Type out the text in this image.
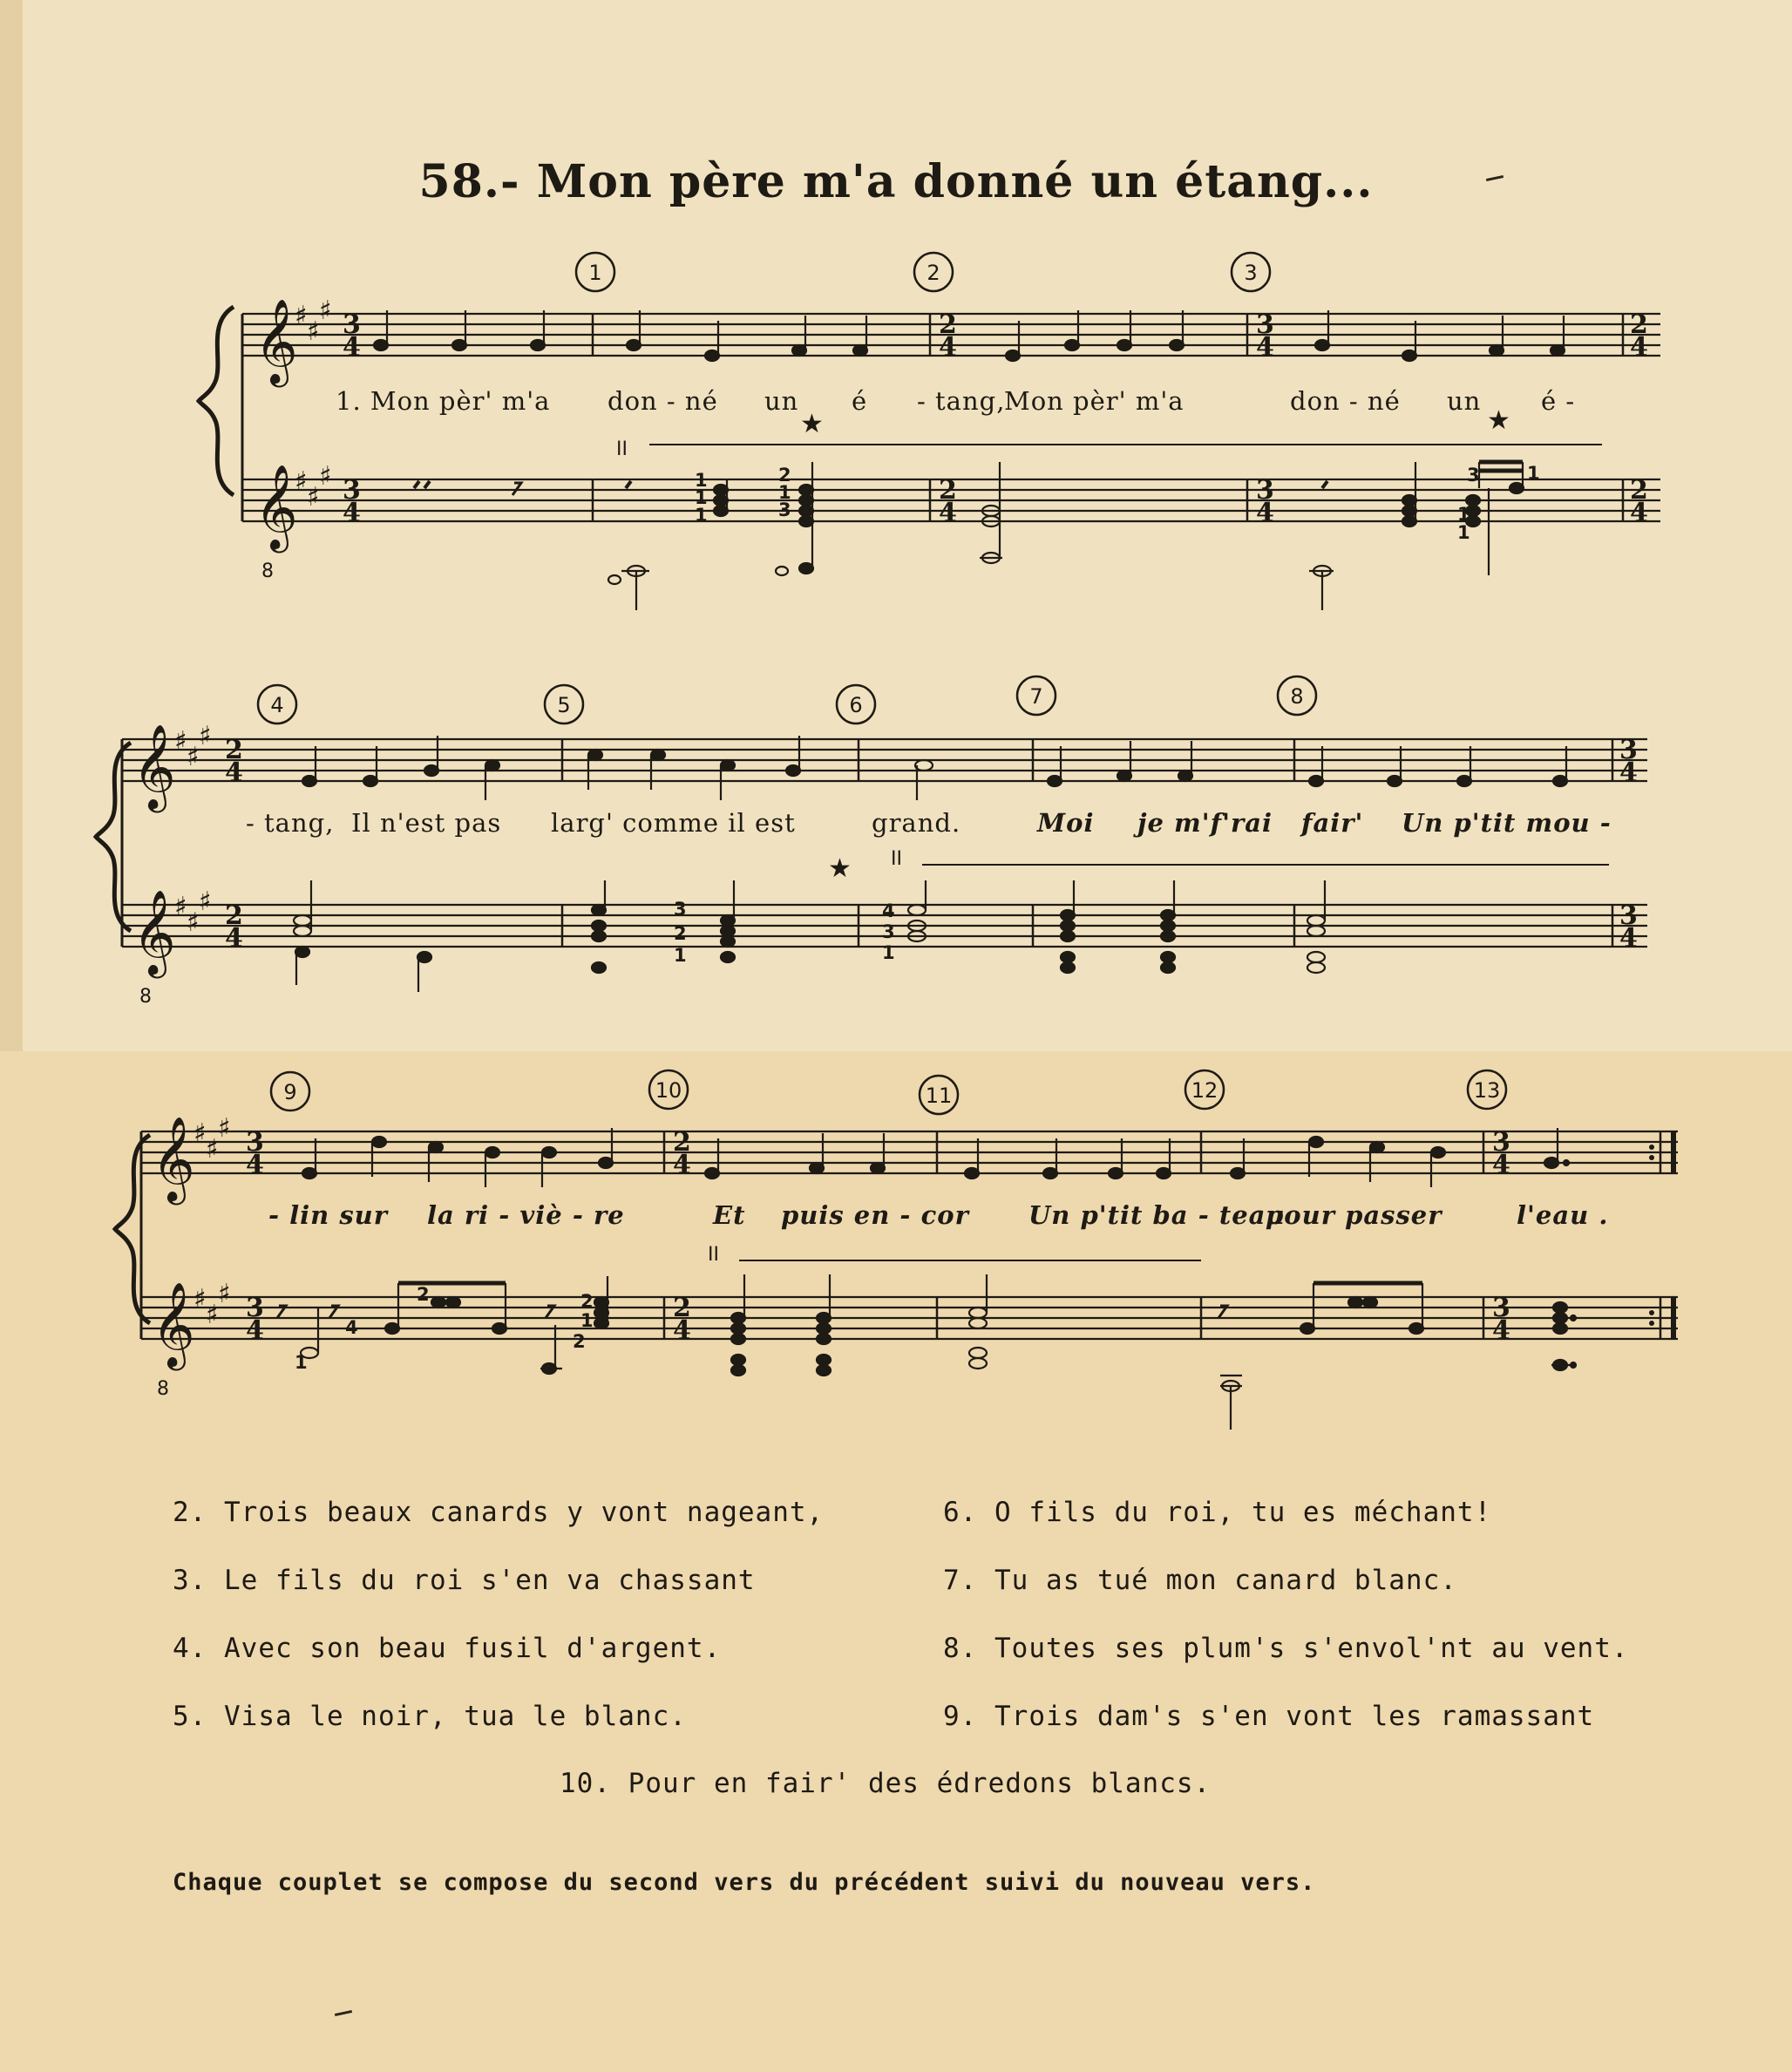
58.‑ Mon père m'a donné un étang...
1	2	3
𝄞
𝄞
8
♯
♯
♯
♯
♯
♯
3
4
3
4
2
4
2
4
3
4
3
4
2
4
2
4
1. Mon pèr' m'a don ‑ né un é ‑ tang,
Mon pèr' m'a	don ‑ né un é ‑
II
★	★
1
1
1
2
1
3
3
1
1
1
4	5	6	7	8
𝄞
𝄞
8
♯
♯
♯
♯
♯
♯
2
4
2
4
3
4
3
4
‑ tang, Il n'est pas larg' comme il est	grand.	Moi je m'f'rai fair' Un p'tit mou ‑
★ II
3
2
1
4
3
1
9	10	11	12	13
𝄞
𝄞
8
♯
♯
♯
♯
♯
♯
3
4
3
4
2
4
2
4
3
4
3
4
‑ lin sur la ri ‑ viè ‑ re	Et puis en ‑ cor Un p'tit ba ‑ teau
pour passer	l'eau .
II
1
4
2	2
1
2
2. Trois beaux canards y vont nageant,
3. Le fils du roi s'en va chassant
4. Avec son beau fusil d'argent.
5. Visa le noir, tua le blanc.
6. O fils du roi, tu es méchant!
7. Tu as tué mon canard blanc.
8. Toutes ses plum's s'envol'nt au vent.
9. Trois dam's s'en vont les ramassant
10. Pour en fair' des édredons blancs.
Chaque couplet se compose du second vers du précédent suivi du nouveau vers.
